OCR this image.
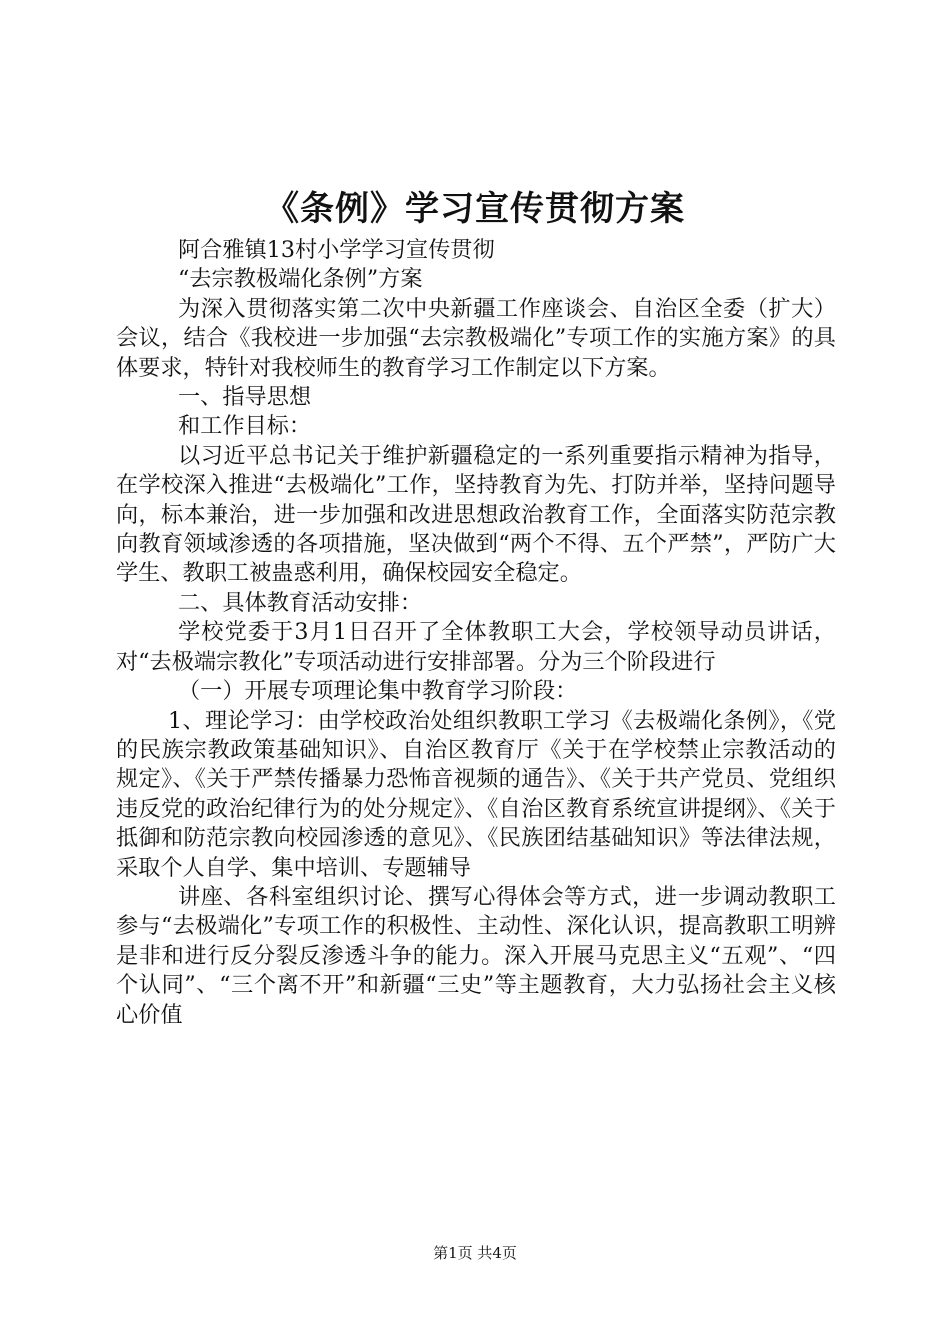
《条例》学习宣传贯彻方案

阿合雅镇13村小学学习宣传贯彻

“去宗教极端化条例”方案

为深入贯彻落实第二次中央新疆工作座谈会、自治区全委（扩大）会议，结合《我校进一步加强“去宗教极端化”专项工作的实施方案》的具体要求，特针对我校师生的教育学习工作制定以下方案。

一、指导思想

和工作目标：

以习近平总书记关于维护新疆稳定的一系列重要指示精神为指导，在学校深入推进“去极端化”工作，坚持教育为先、打防并举，坚持问题导向，标本兼治，进一步加强和改进思想政治教育工作，全面落实防范宗教向教育领域渗透的各项措施，坚决做到“两个不得、五个严禁”，严防广大学生、教职工被蛊惑利用，确保校园安全稳定。

二、具体教育活动安排：

学校党委于3月1日召开了全体教职工大会，学校领导动员讲话，对“去极端宗教化”专项活动进行安排部署。分为三个阶段进行

（一）开展专项理论集中教育学习阶段：

1、理论学习：由学校政治处组织教职工学习《去极端化条例》，《党的民族宗教政策基础知识》、自治区教育厅《关于在学校禁止宗教活动的规定》、《关于严禁传播暴力恐怖音视频的通告》、《关于共产党员、党组织违反党的政治纪律行为的处分规定》、《自治区教育系统宣讲提纲》、《关于抵御和防范宗教向校园渗透的意见》、《民族团结基础知识》等法律法规，采取个人自学、集中培训、专题辅导

讲座、各科室组织讨论、撰写心得体会等方式，进一步调动教职工参与“去极端化”专项工作的积极性、主动性、深化认识，提高教职工明辨是非和进行反分裂反渗透斗争的能力。深入开展马克思主义“五观”、“四个认同”、“三个离不开”和新疆“三史”等主题教育，大力弘扬社会主义核心价值

第1页 共4页
